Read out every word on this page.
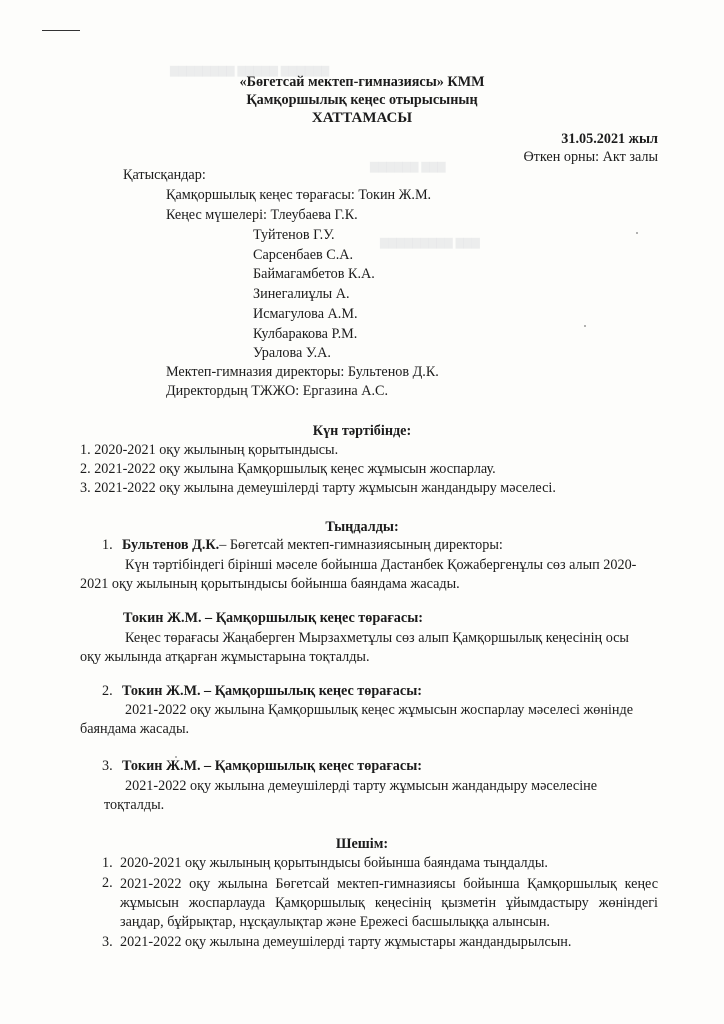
▇▇▇▇▇▇▇▇ ▇▇▇▇▇ ▇▇▇▇▇▇
▇▇▇▇▇▇ ▇▇▇
▇▇▇▇▇▇▇▇▇ ▇▇▇
«Бөгетсай мектеп-гимназиясы» КММ
Қамқоршылық кеңес отырысының
ХАТТАМАСЫ
31.05.2021 жыл
Өткен орны: Акт залы
Қатысқандар:
Қамқоршылық кеңес төрағасы: Токин Ж.М.
Кеңес мүшелері: Тлеубаева Г.К.
Туйтенов Г.У.
Сарсенбаев С.А.
Баймагамбетов К.А.
Зинегалиұлы А.
Исмагулова А.М.
Кулбаракова Р.М.
Уралова У.А.
Мектеп-гимназия директоры: Бультенов Д.К.
Директордың ТЖЖО: Ергазина А.С.
Күн тәртібінде:
1. 2020-2021 оқу жылының қорытындысы.
2. 2021-2022 оқу жылына Қамқоршылық кеңес жұмысын жоспарлау.
3. 2021-2022 оқу жылына демеушілерді тарту жұмысын жандандыру мәселесі.
Тыңдалды:
1. Бультенов Д.К.– Бөгетсай мектеп-гимназиясының директоры:
Күн тәртібіндегі бірінші мәселе бойынша Дастанбек Қожабергенұлы сөз алып 2020-
2021 оқу жылының қорытындысы бойынша баяндама жасады.
Токин Ж.М. – Қамқоршылық кеңес төрағасы:
Кеңес төрағасы Жаңаберген Мырзахметұлы сөз алып Қамқоршылық кеңесінің осы
оқу жылында атқарған жұмыстарына тоқталды.
2. Токин Ж.М. – Қамқоршылық кеңес төрағасы:
2021-2022 оқу жылына Қамқоршылық кеңес жұмысын жоспарлау мәселесі жөнінде
баяндама жасады.
3. Токин Ж.М. – Қамқоршылық кеңес төрағасы:
2021-2022 оқу жылына демеушілерді тарту жұмысын жандандыру мәселесіне
тоқталды.
Шешім:
1. 2020-2021 оқу жылының қорытындысы бойынша баяндама тыңдалды.
2. 2021-2022 оқу жылына Бөгетсай мектеп-гимназиясы бойынша Қамқоршылық кеңес
жұмысын жоспарлауда Қамқоршылық кеңесінің қызметін ұйымдастыру жөніндегі
заңдар, бұйрықтар, нұсқаулықтар және Ережесі басшылыққа алынсын.
3. 2021-2022 оқу жылына демеушілерді тарту жұмыстары жандандырылсын.
